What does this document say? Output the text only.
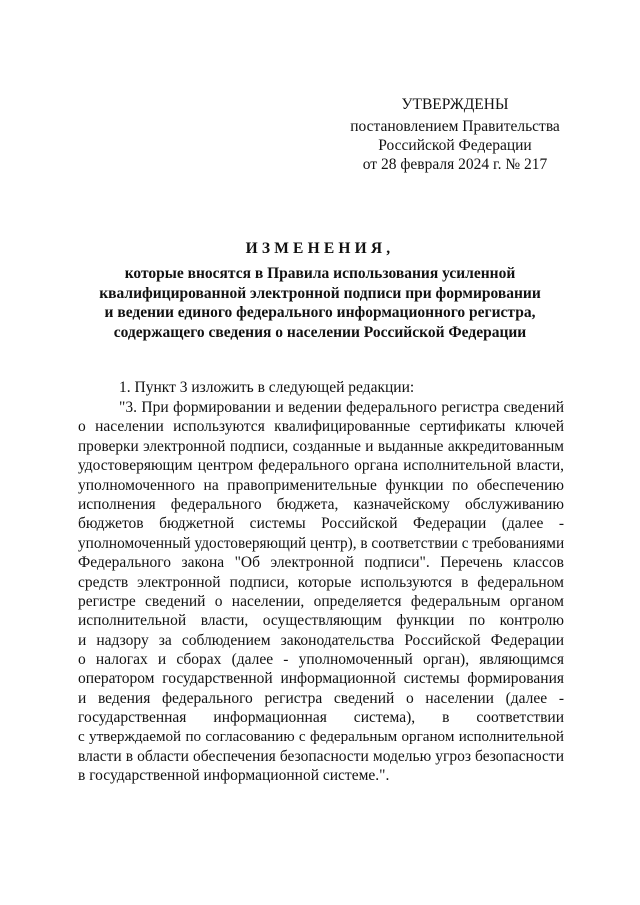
УТВЕРЖДЕНЫ
постановлением Правительства
Российской Федерации
от 28 февраля 2024 г. № 217
ИЗМЕНЕНИЯ,
которые вносятся в Правила использования усиленной
квалифицированной электронной подписи при формировании
и ведении единого федерального информационного регистра,
содержащего сведения о населении Российской Федерации
1. Пункт 3 изложить в следующей редакции:
"3. При формировании и ведении федерального регистра сведений
о населении используются квалифицированные сертификаты ключей
проверки электронной подписи, созданные и выданные аккредитованным
удостоверяющим центром федерального органа исполнительной власти,
уполномоченного на правоприменительные функции по обеспечению
исполнения федерального бюджета, казначейскому обслуживанию
бюджетов бюджетной системы Российской Федерации (далее -
уполномоченный удостоверяющий центр), в соответствии с требованиями
Федерального закона "Об электронной подписи". Перечень классов
средств электронной подписи, которые используются в федеральном
регистре сведений о населении, определяется федеральным органом
исполнительной власти, осуществляющим функции по контролю
и надзору за соблюдением законодательства Российской Федерации
о налогах и сборах (далее - уполномоченный орган), являющимся
оператором государственной информационной системы формирования
и ведения федерального регистра сведений о населении (далее -
государственная информационная система), в соответствии
с утверждаемой по согласованию с федеральным органом исполнительной
власти в области обеспечения безопасности моделью угроз безопасности
в государственной информационной системе.".
